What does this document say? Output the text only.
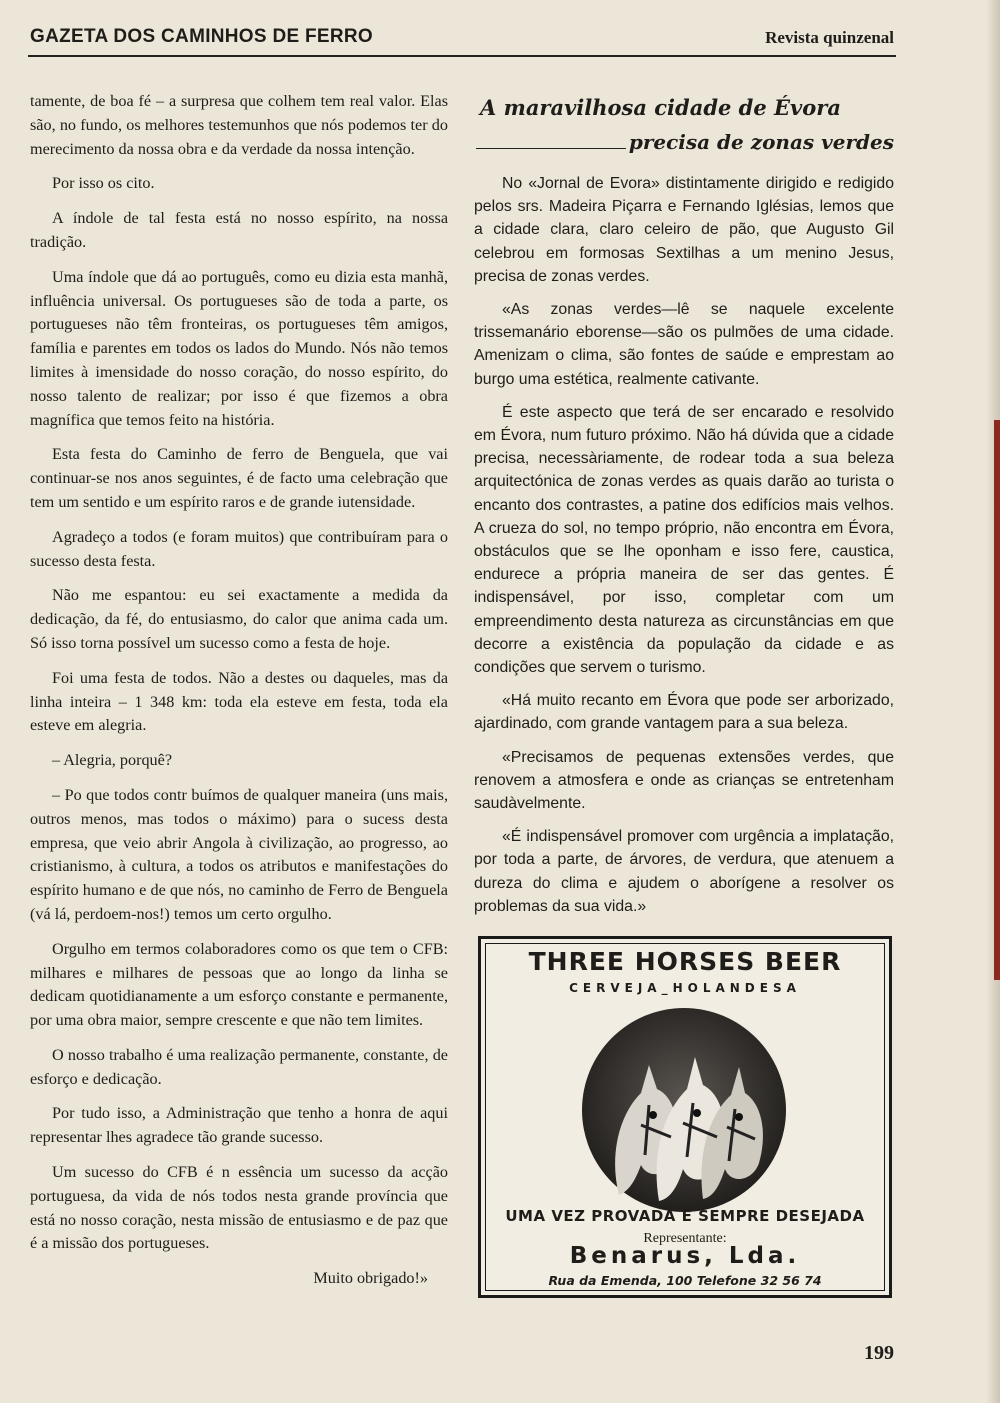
GAZETA DOS CAMINHOS DE FERRO	Revista quinzenal

tamente, de boa fé – a surpresa que colhem tem real valor. Elas são, no fundo, os melhores testemunhos que nós podemos ter do merecimento da nossa obra e da verdade da nossa intenção.

Por isso os cito.

A índole de tal festa está no nosso espírito, na nossa tradição.

Uma índole que dá ao português, como eu dizia esta manhã, influência universal. Os portugueses são de toda a parte, os portugueses não têm fronteiras, os portugueses têm amigos, família e parentes em todos os lados do Mundo. Nós não temos limites à imensidade do nosso coração, do nosso espírito, do nosso talento de realizar; por isso é que fizemos a obra magnífica que temos feito na história.

Esta festa do Caminho de ferro de Benguela, que vai continuar-se nos anos seguintes, é de facto uma celebração que tem um sentido e um espírito raros e de grande iutensidade.

Agradeço a todos (e foram muitos) que contribuíram para o sucesso desta festa.

Não me espantou: eu sei exactamente a medida da dedicação, da fé, do entusiasmo, do calor que anima cada um. Só isso torna possível um sucesso como a festa de hoje.

Foi uma festa de todos. Não a destes ou daqueles, mas da linha inteira – 1 348 km: toda ela esteve em festa, toda ela esteve em alegria.

– Alegria, porquê?

– Po que todos contr buímos de qualquer maneira (uns mais, outros menos, mas todos o máximo) para o sucess desta empresa, que veio abrir Angola à civilização, ao progresso, ao cristianismo, à cultura, a todos os atributos e manifestações do espírito humano e de que nós, no caminho de Ferro de Benguela (vá lá, perdoem-nos!) temos um certo orgulho.

Orgulho em termos colaboradores como os que tem o CFB: milhares e milhares de pessoas que ao longo da linha se dedicam quotidianamente a um esforço constante e permanente, por uma obra maior, sempre crescente e que não tem limites.

O nosso trabalho é uma realização permanente, constante, de esforço e dedicação.

Por tudo isso, a Administração que tenho a honra de aqui representar lhes agradece tão grande sucesso.

Um sucesso do CFB é n essência um sucesso da acção portuguesa, da vida de nós todos nesta grande província que está no nosso coração, nesta missão de entusiasmo e de paz que é a missão dos portugueses.

Muito obrigado!»

A maravilhosa cidade de Évora
precisa de zonas verdes

No «Jornal de Evora» distintamente dirigido e redigido pelos srs. Madeira Piçarra e Fernando Iglésias, lemos que a cidade clara, claro celeiro de pão, que Augusto Gil celebrou em formosas Sextilhas a um menino Jesus, precisa de zonas verdes.

«As zonas verdes—lê se naquele excelente trissemanário eborense—são os pulmões de uma cidade. Amenizam o clima, são fontes de saúde e emprestam ao burgo uma estética, realmente cativante.

É este aspecto que terá de ser encarado e resolvido em Évora, num futuro próximo. Não há dúvida que a cidade precisa, necessàriamente, de rodear toda a sua beleza arquitectónica de zonas verdes as quais darão ao turista o encanto dos contrastes, a patine dos edifícios mais velhos. A crueza do sol, no tempo próprio, não encontra em Évora, obstáculos que se lhe oponham e isso fere, caustica, endurece a própria maneira de ser das gentes. É indispensável, por isso, completar com um empreendimento desta natureza as circunstâncias em que decorre a existência da população da cidade e as condições que servem o turismo.

«Há muito recanto em Évora que pode ser arborizado, ajardinado, com grande vantagem para a sua beleza.

«Precisamos de pequenas extensões verdes, que renovem a atmosfera e onde as crianças se entretenham saudàvelmente.

«É indispensável promover com urgência a implatação, por toda a parte, de árvores, de verdura, que atenuem a dureza do clima e ajudem o aborígene a resolver os problemas da sua vida.»

THREE HORSES BEER
CERVEJA_HOLANDESA
UMA VEZ PROVADA É SEMPRE DESEJADA
Representante:
Benarus, Lda.
Rua da Emenda, 100 Telefone 32 56 74
199
